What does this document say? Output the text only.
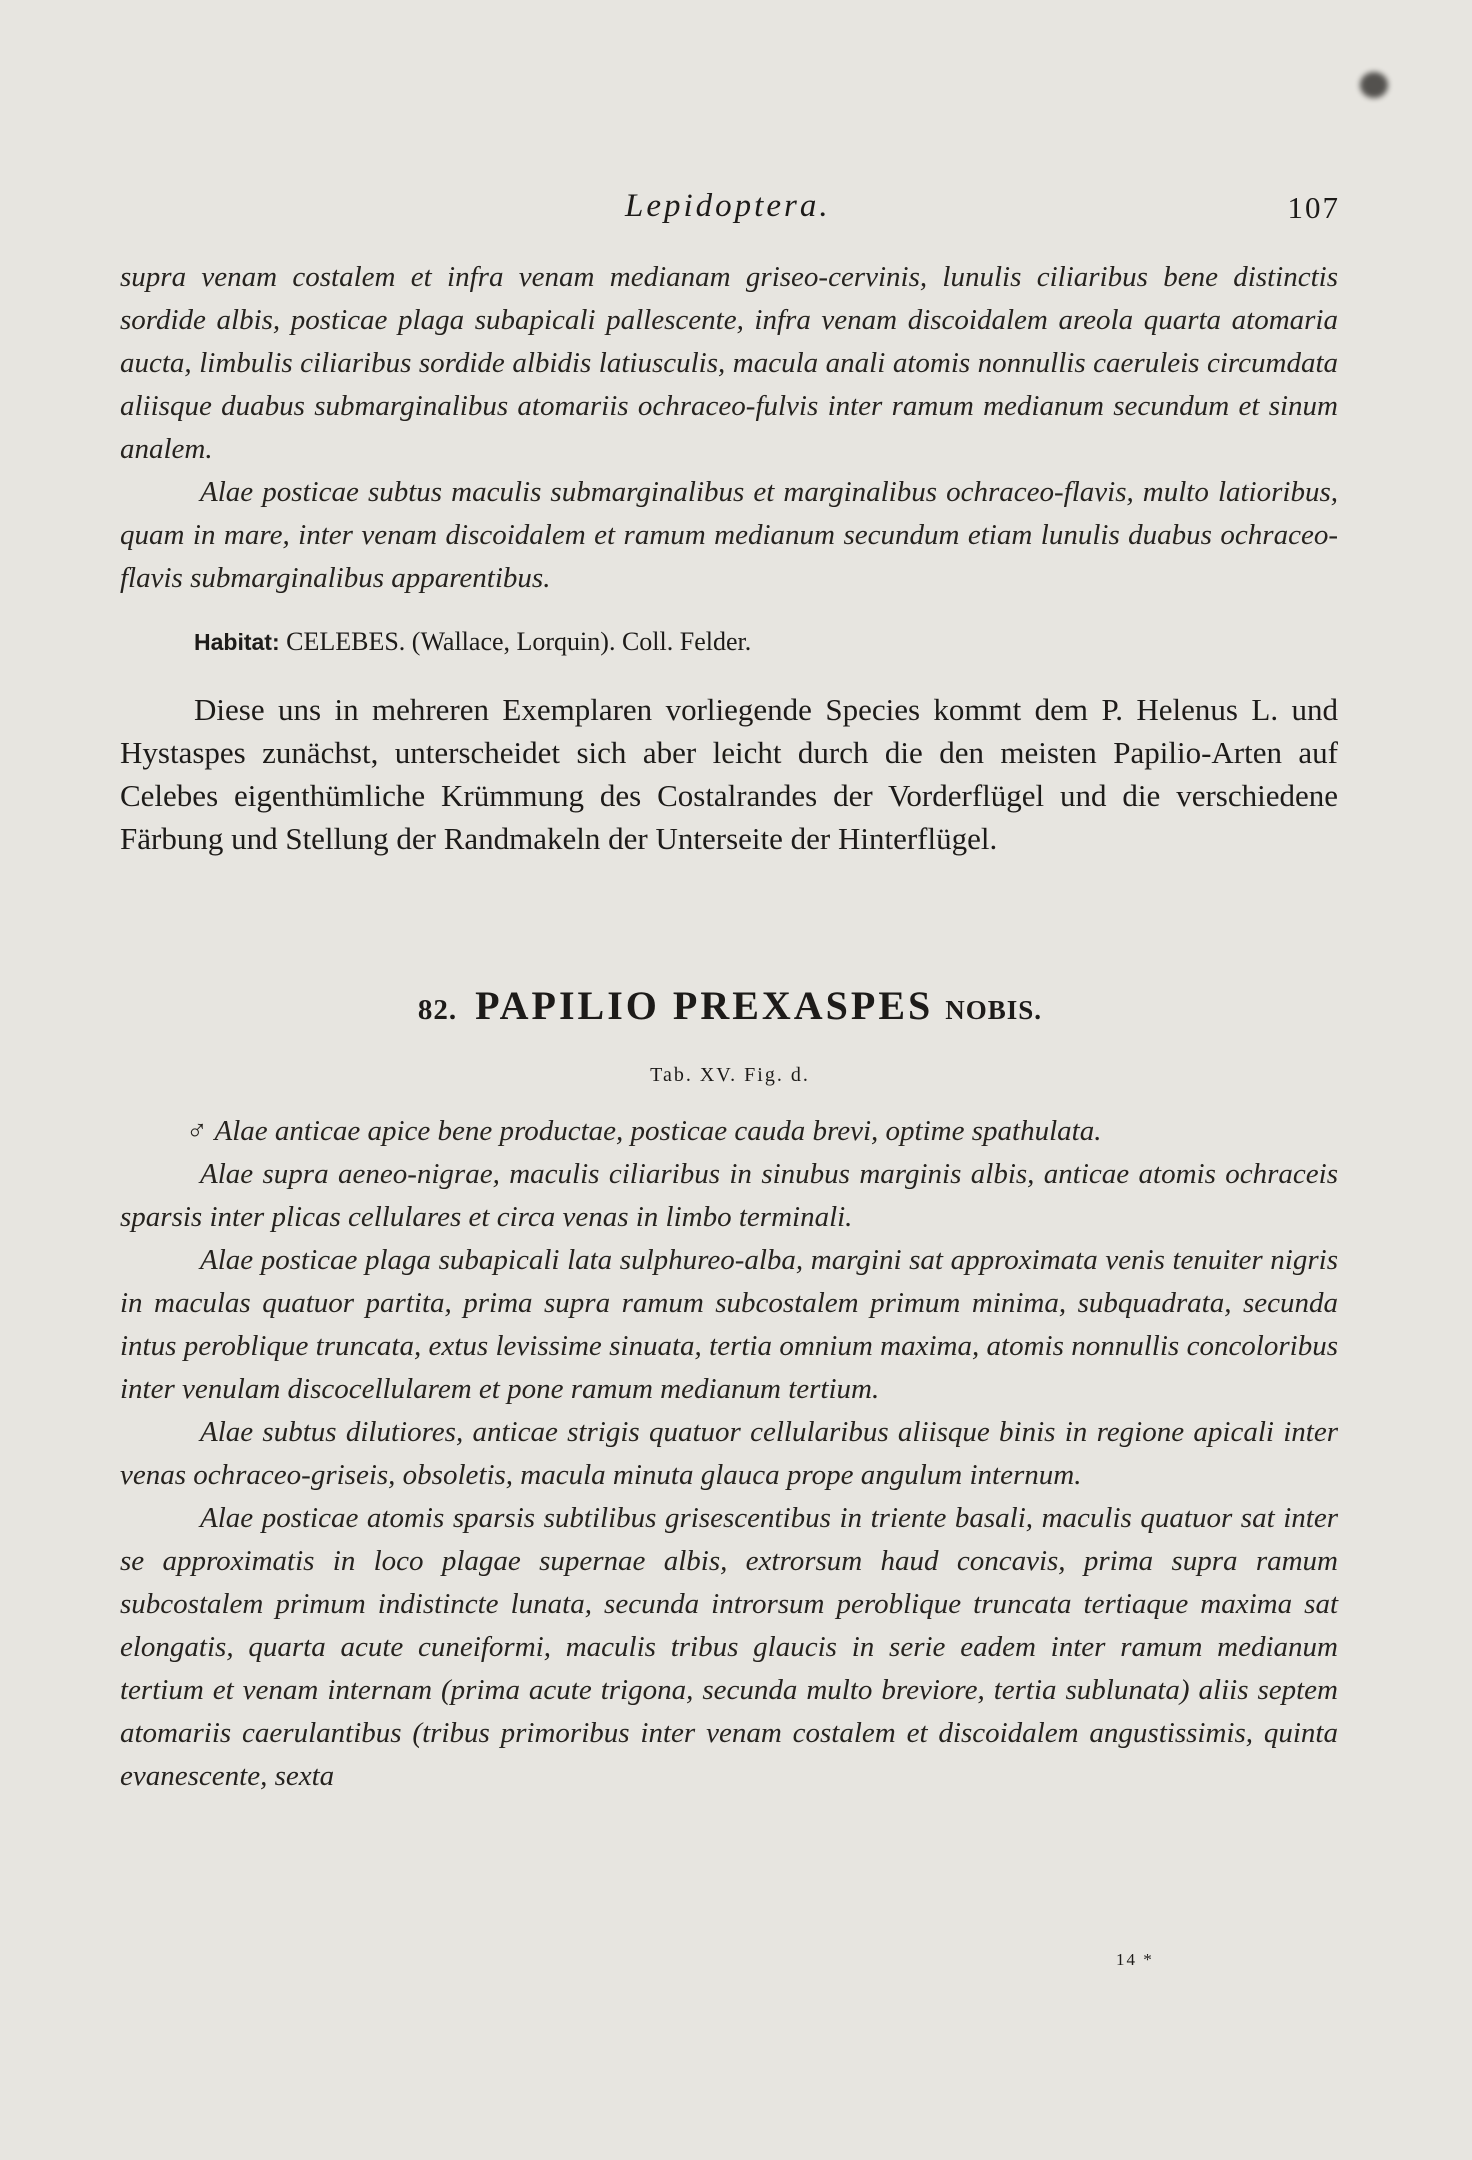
Lepidoptera.	107

supra venam costalem et infra venam medianam griseo-cervinis, lunulis ciliaribus bene distinctis sordide albis, posticae plaga subapicali pallescente, infra venam discoidalem areola quarta atomaria aucta, limbulis ciliaribus sordide albidis latiusculis, macula anali atomis nonnullis caeruleis circumdata aliisque duabus submarginalibus atomariis ochraceo-fulvis inter ramum medianum secundum et sinum analem.

Alae posticae subtus maculis submarginalibus et marginalibus ochraceo-flavis, multo latioribus, quam in mare, inter venam discoidalem et ramum medianum secundum etiam lunulis duabus ochraceo-flavis submarginalibus apparentibus.

Habitat: CELEBES. (Wallace, Lorquin). Coll. Felder.

Diese uns in mehreren Exemplaren vorliegende Species kommt dem P. Helenus L. und Hystaspes zunächst, unterscheidet sich aber leicht durch die den meisten Papilio-Arten auf Celebes eigenthümliche Krümmung des Costalrandes der Vorderflügel und die verschiedene Färbung und Stellung der Randmakeln der Unterseite der Hinterflügel.

82. PAPILIO PREXASPES NOBIS.
Tab. XV. Fig. d.

♂ Alae anticae apice bene productae, posticae cauda brevi, optime spathulata.

Alae supra aeneo-nigrae, maculis ciliaribus in sinubus marginis albis, anticae atomis ochraceis sparsis inter plicas cellulares et circa venas in limbo terminali.

Alae posticae plaga subapicali lata sulphureo-alba, margini sat approximata venis tenuiter nigris in maculas quatuor partita, prima supra ramum subcostalem primum minima, subquadrata, secunda intus peroblique truncata, extus levissime sinuata, tertia omnium maxima, atomis nonnullis concoloribus inter venulam discocellularem et pone ramum medianum tertium.

Alae subtus dilutiores, anticae strigis quatuor cellularibus aliisque binis in regione apicali inter venas ochraceo-griseis, obsoletis, macula minuta glauca prope angulum internum.

Alae posticae atomis sparsis subtilibus grisescentibus in triente basali, maculis quatuor sat inter se approximatis in loco plagae supernae albis, extrorsum haud concavis, prima supra ramum subcostalem primum indistincte lunata, secunda introrsum peroblique truncata tertiaque maxima sat elongatis, quarta acute cuneiformi, maculis tribus glaucis in serie eadem inter ramum medianum tertium et venam internam (prima acute trigona, secunda multo breviore, tertia sublunata) aliis septem atomariis caerulantibus (tribus primoribus inter venam costalem et discoidalem angustissimis, quinta evanescente, sexta

14 *
